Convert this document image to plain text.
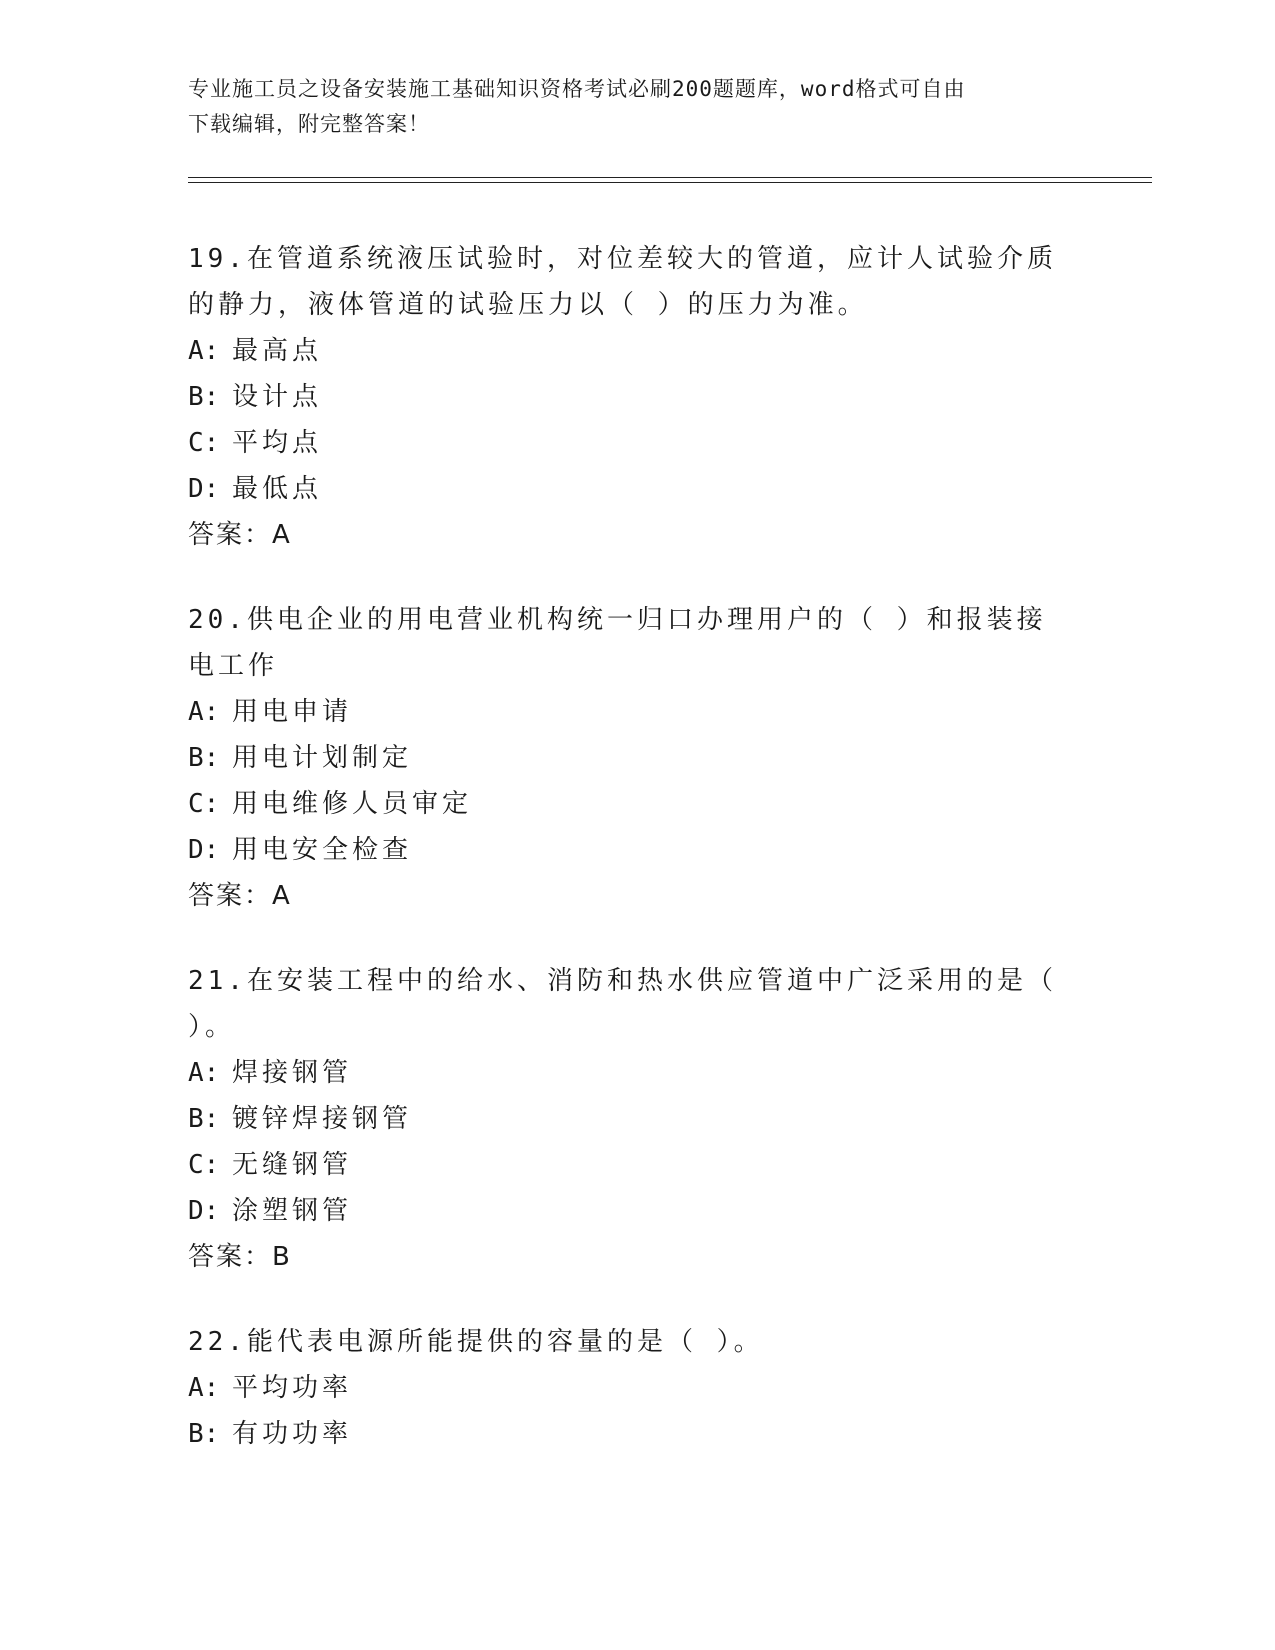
专业施工员之设备安装施工基础知识资格考试必刷200题题库，word格式可自由
下载编辑，附完整答案！
19.在管道系统液压试验时，对位差较大的管道，应计人试验介质的静力，液体管道的试验压力以（ ）的压力为准。
A: 最高点
B: 设计点
C: 平均点
D: 最低点
答案：A
20.供电企业的用电营业机构统一归口办理用户的（ ）和报装接电工作
A: 用电申请
B: 用电计划制定
C: 用电维修人员审定
D: 用电安全检查
答案：A
21.在安装工程中的给水、消防和热水供应管道中广泛采用的是（ ）。
A: 焊接钢管
B: 镀锌焊接钢管
C: 无缝钢管
D: 涂塑钢管
答案：B
22.能代表电源所能提供的容量的是（ ）。
A: 平均功率
B: 有功功率
